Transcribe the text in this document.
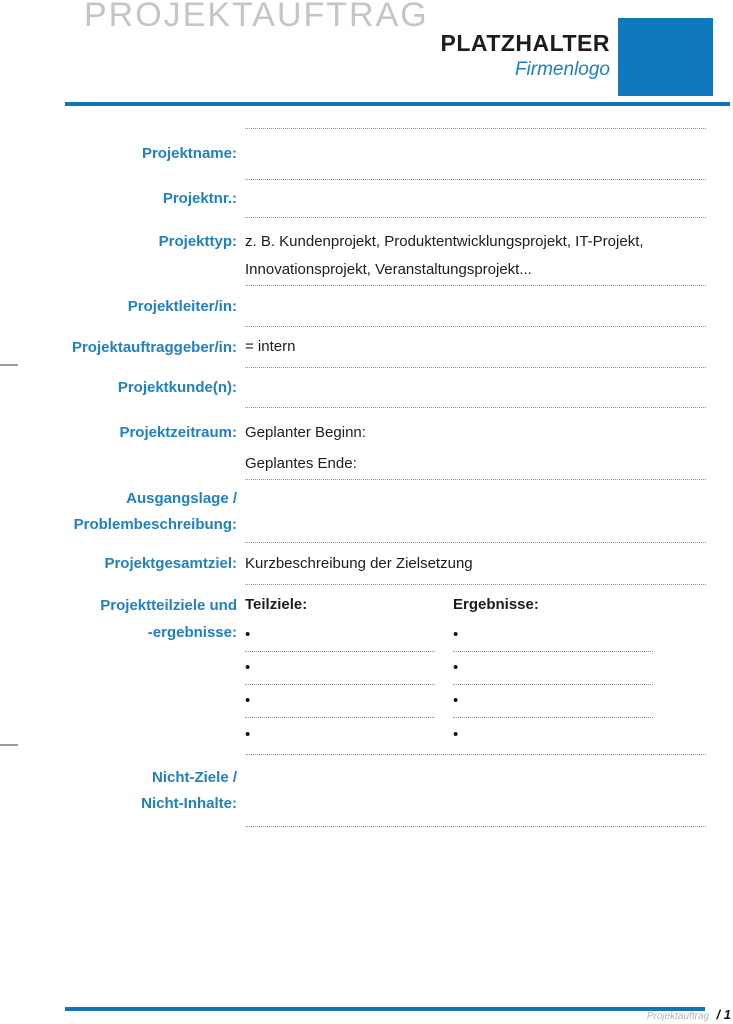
PROJEKTAUFTRAG
PLATZHALTER
Firmenlogo
Projektname:
Projektnr.:
Projekttyp: z. B. Kundenprojekt, Produktentwicklungsprojekt, IT-Projekt,
Innovationsprojekt, Veranstaltungsprojekt...
Projektleiter/in:
Projektauftraggeber/in: = intern
Projektkunde(n):
Projektzeitraum: Geplanter Beginn:
Geplantes Ende:
Ausgangslage /
Problembeschreibung:
Projektgesamtziel: Kurzbeschreibung der Zielsetzung
Projektteilziele und
-ergebnisse:
Teilziele:
•
•
•
•
Ergebnisse:
•
•
•
•
Nicht-Ziele /
Nicht-Inhalte:
Projektauftrag / 1
